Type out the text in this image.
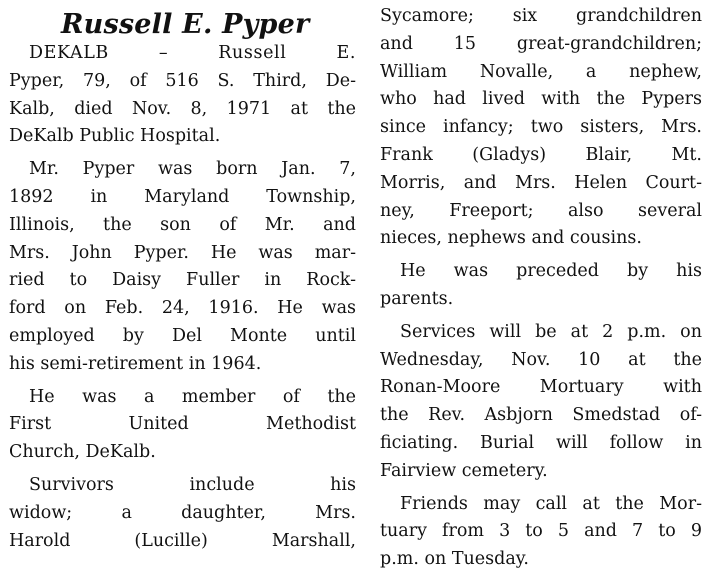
Russell E. Pyper
DEKALB – Russell E.
Pyper, 79, of 516 S. Third, De-
Kalb, died Nov. 8, 1971 at the
DeKalb Public Hospital.
Mr. Pyper was born Jan. 7,
1892 in Maryland Township,
Illinois, the son of Mr. and
Mrs. John Pyper. He was mar-
ried to Daisy Fuller in Rock-
ford on Feb. 24, 1916. He was
employed by Del Monte until
his semi-retirement in 1964.
He was a member of the
First United Methodist
Church, DeKalb.
Survivors include his
widow; a daughter, Mrs.
Harold (Lucille) Marshall,
Sycamore; six grandchildren
and 15 great-grandchildren;
William Novalle, a nephew,
who had lived with the Pypers
since infancy; two sisters, Mrs.
Frank (Gladys) Blair, Mt.
Morris, and Mrs. Helen Court-
ney, Freeport; also several
nieces, nephews and cousins.
He was preceded by his
parents.
Services will be at 2 p.m. on
Wednesday, Nov. 10 at the
Ronan-Moore Mortuary with
the Rev. Asbjorn Smedstad of-
ficiating. Burial will follow in
Fairview cemetery.
Friends may call at the Mor-
tuary from 3 to 5 and 7 to 9
p.m. on Tuesday.
